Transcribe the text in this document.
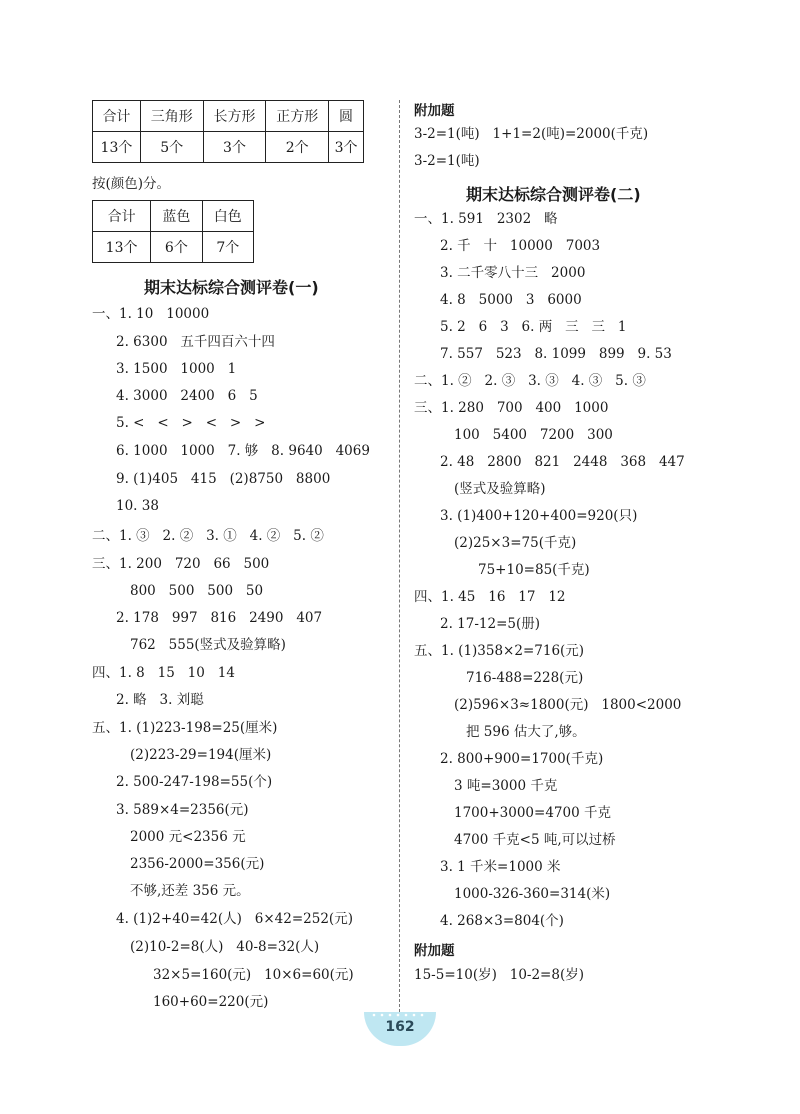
合计	三角形	长方形	正方形	圆
13个	5个	3个	2个	3个
按(颜色)分。
合计	蓝色	白色
13个	6个	7个
期末达标综合测评卷(一)
一、1. 10   10000
2. 6300   五千四百六十四
3. 1500   1000   1
4. 3000   2400   6   5
5. <   <   >   <   >   >
6. 1000   1000   7. 够   8. 9640   4069
9. (1)405   415   (2)8750   8800
10. 38
二、1. ③   2. ②   3. ①   4. ②   5. ②
三、1. 200   720   66   500
800   500   500   50
2. 178   997   816   2490   407
762   555(竖式及验算略)
四、1. 8   15   10   14
2. 略   3. 刘聪
五、1. (1)223-198=25(厘米)
(2)223-29=194(厘米)
2. 500-247-198=55(个)
3. 589×4=2356(元)
2000 元<2356 元
2356-2000=356(元)
不够,还差 356 元。
4. (1)2+40=42(人)   6×42=252(元)
(2)10-2=8(人)   40-8=32(人)
32×5=160(元)   10×6=60(元)
160+60=220(元)
附加题
3-2=1(吨)   1+1=2(吨)=2000(千克)
3-2=1(吨)
期末达标综合测评卷(二)
一、1. 591   2302   略
2. 千   十   10000   7003
3. 二千零八十三   2000
4. 8   5000   3   6000
5. 2   6   3   6. 两   三   三   1
7. 557   523   8. 1099   899   9. 53
二、1. ②   2. ③   3. ③   4. ③   5. ③
三、1. 280   700   400   1000
100   5400   7200   300
2. 48   2800   821   2448   368   447
(竖式及验算略)
3. (1)400+120+400=920(只)
(2)25×3=75(千克)
75+10=85(千克)
四、1. 45   16   17   12
2. 17-12=5(册)
五、1. (1)358×2=716(元)
716-488=228(元)
(2)596×3≈1800(元)   1800<2000
把 596 估大了,够。
2. 800+900=1700(千克)
3 吨=3000 千克
1700+3000=4700 千克
4700 千克<5 吨,可以过桥
3. 1 千米=1000 米
1000-326-360=314(米)
4. 268×3=804(个)
附加题
15-5=10(岁)   10-2=8(岁)
162
